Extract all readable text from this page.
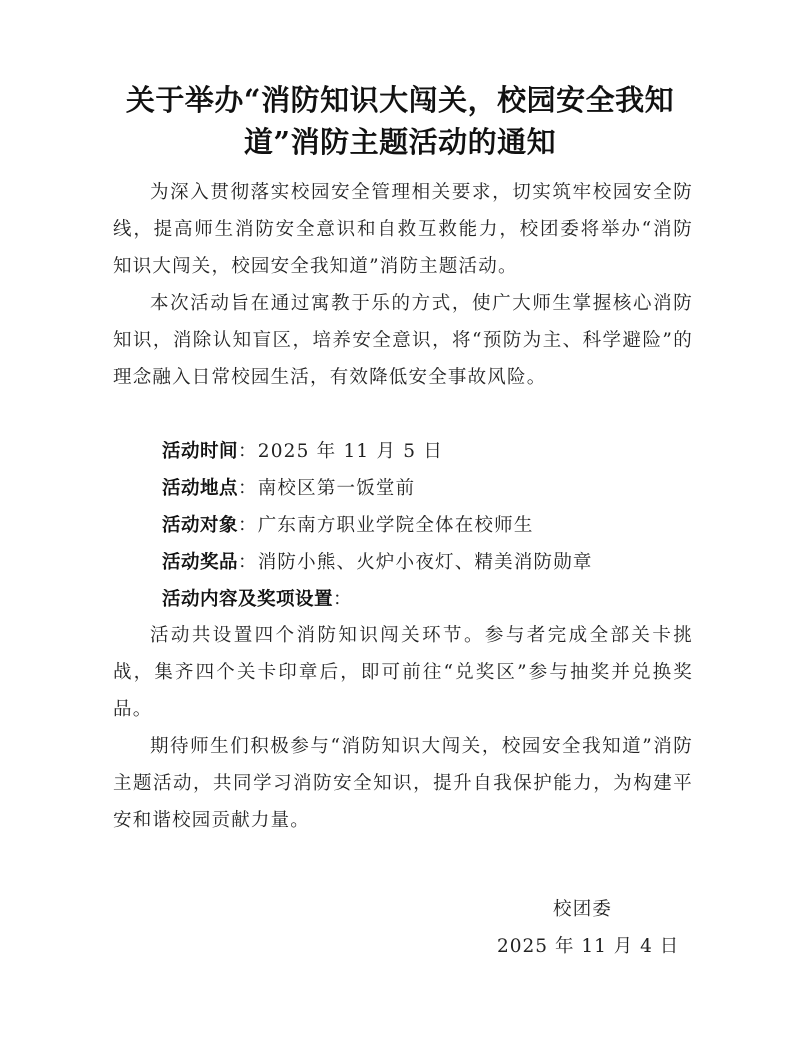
关于举办“消防知识大闯关，校园安全我知
道”消防主题活动的通知
为深入贯彻落实校园安全管理相关要求，切实筑牢校园安全防线，提高师生消防安全意识和自救互救能力，校团委将举办“消防知识大闯关，校园安全我知道”消防主题活动。
本次活动旨在通过寓教于乐的方式，使广大师生掌握核心消防知识，消除认知盲区，培养安全意识，将“预防为主、科学避险”的理念融入日常校园生活，有效降低安全事故风险。
活动时间：2025 年 11 月 5 日
活动地点：南校区第一饭堂前
活动对象：广东南方职业学院全体在校师生
活动奖品：消防小熊、火炉小夜灯、精美消防勋章
活动内容及奖项设置：
活动共设置四个消防知识闯关环节。参与者完成全部关卡挑战，集齐四个关卡印章后，即可前往“兑奖区”参与抽奖并兑换奖品。
期待师生们积极参与“消防知识大闯关，校园安全我知道”消防主题活动，共同学习消防安全知识，提升自我保护能力，为构建平安和谐校园贡献力量。
校团委
2025 年 11 月 4 日
